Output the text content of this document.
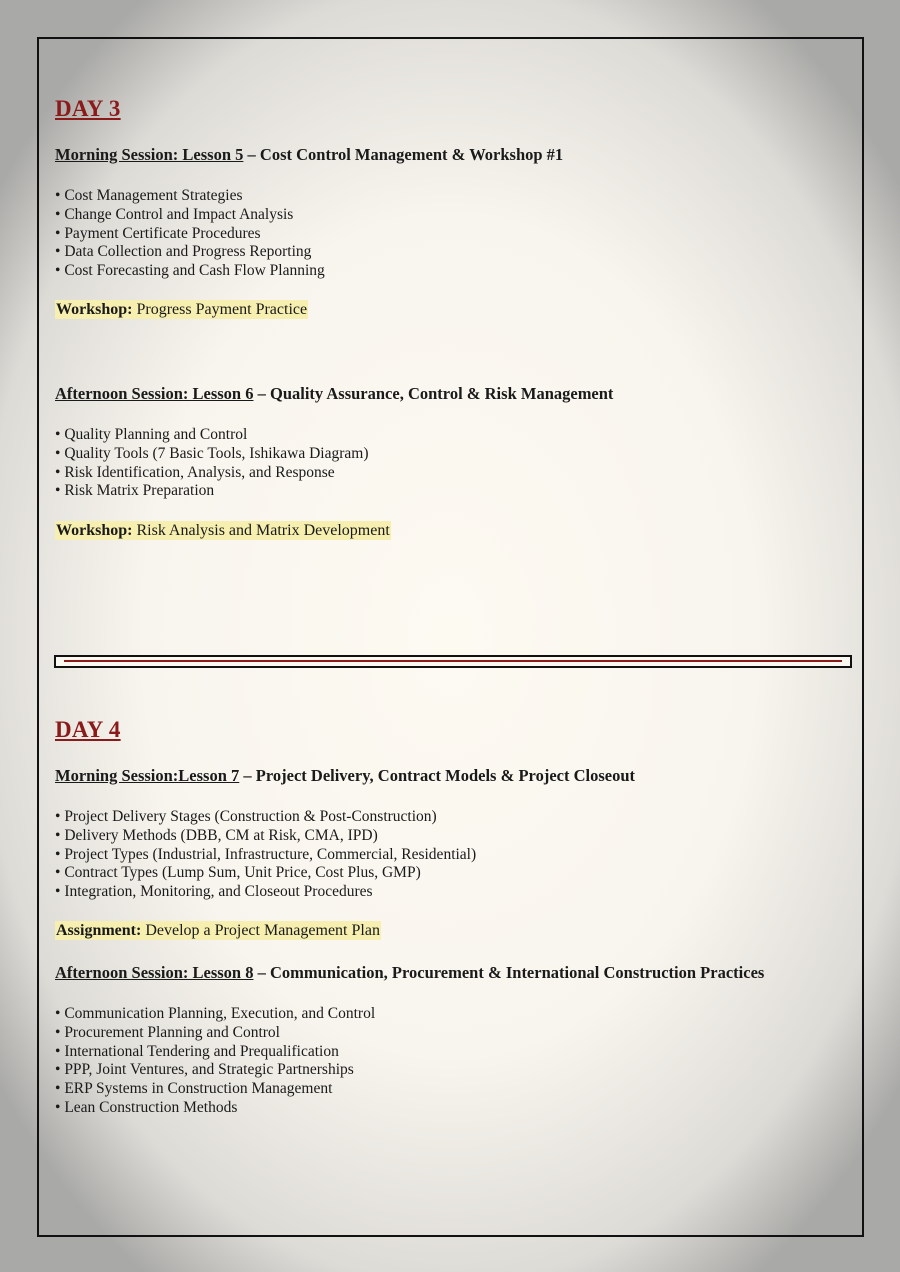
DAY 3
Morning Session: Lesson 5 – Cost Control Management & Workshop #1
• Cost Management Strategies
• Change Control and Impact Analysis
• Payment Certificate Procedures
• Data Collection and Progress Reporting
• Cost Forecasting and Cash Flow Planning
Workshop: Progress Payment Practice
Afternoon Session: Lesson 6 – Quality Assurance, Control & Risk Management
• Quality Planning and Control
• Quality Tools (7 Basic Tools, Ishikawa Diagram)
• Risk Identification, Analysis, and Response
• Risk Matrix Preparation
Workshop: Risk Analysis and Matrix Development
DAY 4
Morning Session:Lesson 7 – Project Delivery, Contract Models & Project Closeout
• Project Delivery Stages (Construction & Post-Construction)
• Delivery Methods (DBB, CM at Risk, CMA, IPD)
• Project Types (Industrial, Infrastructure, Commercial, Residential)
• Contract Types (Lump Sum, Unit Price, Cost Plus, GMP)
• Integration, Monitoring, and Closeout Procedures
Assignment: Develop a Project Management Plan
Afternoon Session: Lesson 8 – Communication, Procurement & International Construction Practices
• Communication Planning, Execution, and Control
• Procurement Planning and Control
• International Tendering and Prequalification
• PPP, Joint Ventures, and Strategic Partnerships
• ERP Systems in Construction Management
• Lean Construction Methods
